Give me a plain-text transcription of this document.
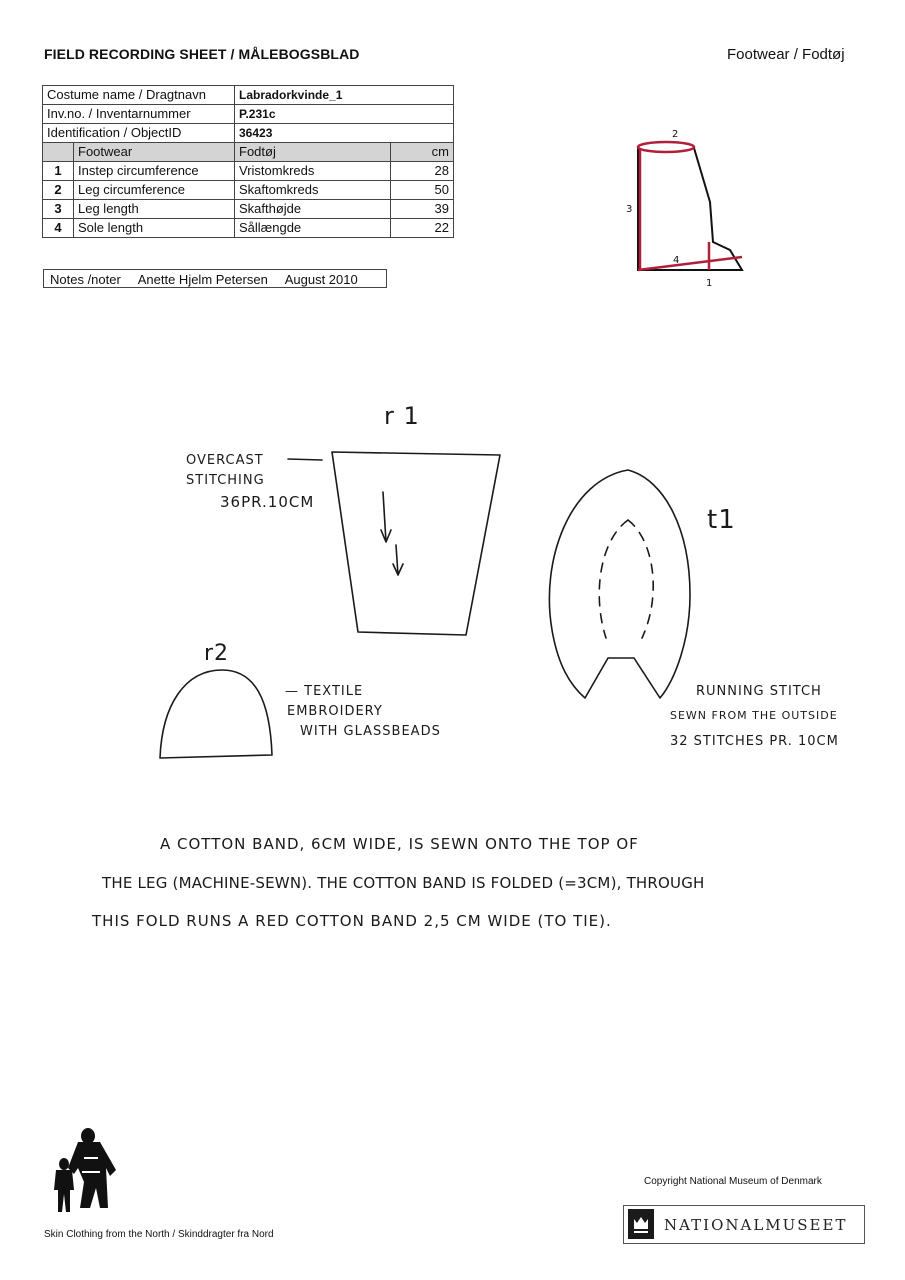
FIELD RECORDING SHEET / MÅLEBOGSBLAD	Footwear / Fodtøj
Costume name / Dragtnavn		Labradorkvinde_1	
Inv.no. / Inventarnummer		P.231c	
Identification / ObjectID		36423	
	Footwear	Fodtøj	cm
1	Instep circumference	Vristomkreds	28
2	Leg circumference	Skaftomkreds	50
3	Leg length	Skafthøjde	39
4	Sole length	Sållængde	22
Notes /noter Anette Hjelm Petersen August 2010
2
3
4
1
r 1
OVERCAST
STITCHING
36PR.10CM
t1
r2
— TEXTILE
EMBROIDERY
WITH GLASSBEADS
RUNNING STITCH
SEWN FROM THE OUTSIDE
32 STITCHES PR. 10CM
A COTTON BAND, 6CM WIDE, IS SEWN ONTO THE TOP OF
THE LEG (MACHINE-SEWN). THE COTTON BAND IS FOLDED (=3CM), THROUGH
THIS FOLD RUNS A RED COTTON BAND 2,5 CM WIDE (TO TIE).
Copyright National Museum of Denmark
NATIONALMUSEET
Skin Clothing from the North / Skinddragter fra Nord
